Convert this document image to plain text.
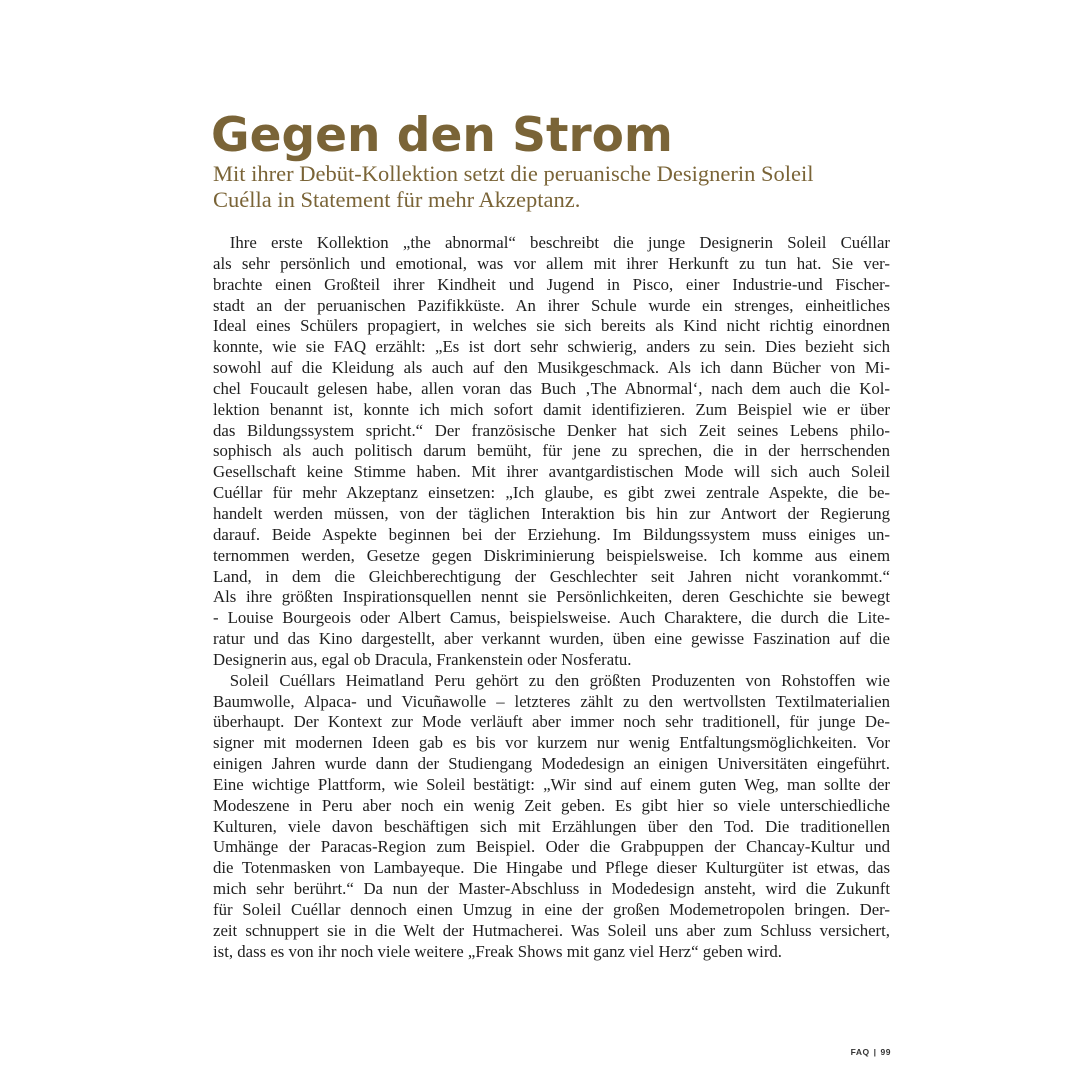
Gegen den Strom

Mit ihrer Debüt-Kollektion setzt die peruanische Designerin Soleil Cuélla in Statement für mehr Akzeptanz.

 Ihre erste Kollektion „the abnormal“ beschreibt die junge Designerin Soleil Cuéllar
als sehr persönlich und emotional, was vor allem mit ihrer Herkunft zu tun hat. Sie ver-
brachte einen Großteil ihrer Kindheit und Jugend in Pisco, einer Industrie-und Fischer-
stadt an der peruanischen Pazifikküste. An ihrer Schule wurde ein strenges, einheitliches
Ideal eines Schülers propagiert, in welches sie sich bereits als Kind nicht richtig einordnen
konnte, wie sie FAQ erzählt: „Es ist dort sehr schwierig, anders zu sein. Dies bezieht sich
sowohl auf die Kleidung als auch auf den Musikgeschmack. Als ich dann Bücher von Mi-
chel Foucault gelesen habe, allen voran das Buch ‚The Abnormal‘, nach dem auch die Kol-
lektion benannt ist, konnte ich mich sofort damit identifizieren. Zum Beispiel wie er über
das Bildungssystem spricht.“ Der französische Denker hat sich Zeit seines Lebens philo-
sophisch als auch politisch darum bemüht, für jene zu sprechen, die in der herrschenden
Gesellschaft keine Stimme haben. Mit ihrer avantgardistischen Mode will sich auch Soleil
Cuéllar für mehr Akzeptanz einsetzen: „Ich glaube, es gibt zwei zentrale Aspekte, die be-
handelt werden müssen, von der täglichen Interaktion bis hin zur Antwort der Regierung
darauf. Beide Aspekte beginnen bei der Erziehung. Im Bildungssystem muss einiges un-
ternommen werden, Gesetze gegen Diskriminierung beispielsweise. Ich komme aus einem
Land, in dem die Gleichberechtigung der Geschlechter seit Jahren nicht vorankommt.“
Als ihre größten Inspirationsquellen nennt sie Persönlichkeiten, deren Geschichte sie bewegt
- Louise Bourgeois oder Albert Camus, beispielsweise. Auch Charaktere, die durch die Lite-
ratur und das Kino dargestellt, aber verkannt wurden, üben eine gewisse Faszination auf die
Designerin aus, egal ob Dracula, Frankenstein oder Nosferatu.
 Soleil Cuéllars Heimatland Peru gehört zu den größten Produzenten von Rohstoffen wie
Baumwolle, Alpaca- und Vicuñawolle – letzteres zählt zu den wertvollsten Textilmaterialien
überhaupt. Der Kontext zur Mode verläuft aber immer noch sehr traditionell, für junge De-
signer mit modernen Ideen gab es bis vor kurzem nur wenig Entfaltungsmöglichkeiten. Vor
einigen Jahren wurde dann der Studiengang Modedesign an einigen Universitäten eingeführt.
Eine wichtige Plattform, wie Soleil bestätigt: „Wir sind auf einem guten Weg, man sollte der
Modeszene in Peru aber noch ein wenig Zeit geben. Es gibt hier so viele unterschiedliche
Kulturen, viele davon beschäftigen sich mit Erzählungen über den Tod. Die traditionellen
Umhänge der Paracas-Region zum Beispiel. Oder die Grabpuppen der Chancay-Kultur und
die Totenmasken von Lambayeque. Die Hingabe und Pflege dieser Kulturgüter ist etwas, das
mich sehr berührt.“ Da nun der Master-Abschluss in Modedesign ansteht, wird die Zukunft
für Soleil Cuéllar dennoch einen Umzug in eine der großen Modemetropolen bringen. Der-
zeit schnuppert sie in die Welt der Hutmacherei. Was Soleil uns aber zum Schluss versichert,
ist, dass es von ihr noch viele weitere „Freak Shows mit ganz viel Herz“ geben wird.
FAQ | 99
